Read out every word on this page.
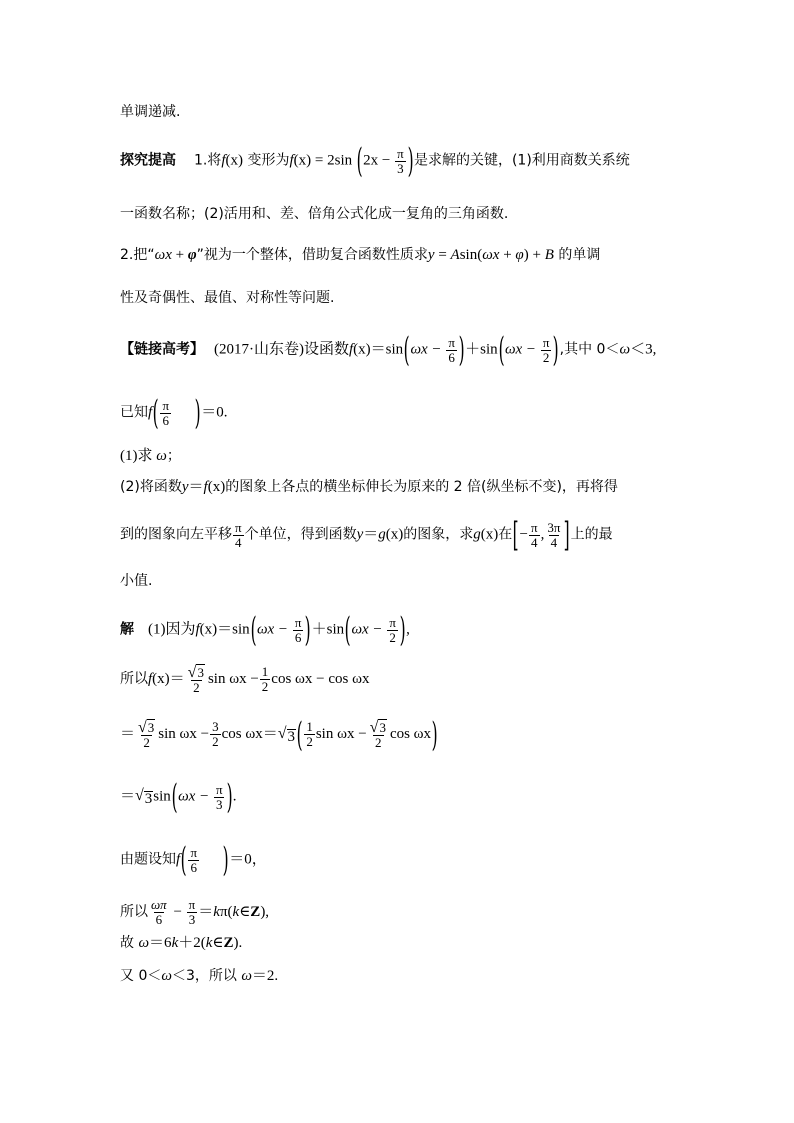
单调递减.
探究提高 1.将f(x) 变形为f(x) = 2sin ($2x - \frac{\pi}{3}$ )是求解的关键，(1)利用商数关系统
一函数名称；(2)活用和、差、倍角公式化成一复角的三角函数.
2.把“ωx + φ”视为一个整体，借助复合函数性质求y = Asin(ωx + φ) + B 的单调
性及奇偶性、最值、对称性等问题.
【链接高考】 (2017·山东卷)设函数$f(x)=\sin(\omega x - \frac{\pi}{6} )+\sin(\omega x - \frac{\pi}{2}$ ),其中 0＜ω＜3,
已知$f( \frac{\pi}{6} )=0$.
(1)求 ω；
(2)将函数y＝f(x)的图象上各点的横坐标伸长为原来的 2 倍(纵坐标不变)，再将得
到的图象向左平移 $\frac{\pi}{4}$ 个单位，得到函数y＝g(x)的图象，求g(x)在[− $\frac{\pi}{4}$ , $\frac{3\pi}{4}$ ]上的最
小值.
解 (1)因为$f(x)=\sin(\omega x - \frac{\pi}{6} )+\sin(\omega x - \frac{\pi}{2}$ ),
所以$f(x)= \frac{√ 3}{2}$ $\sin \omega x - \frac{1}{2}$ cos ωx − cos ωx
＝ $\frac{√ 3}{2}$ $\sin \omega x - \frac{3}{2}$ cos ωx＝ √ 3 ( $\frac{1}{2}$ $\sin \omega x - \frac{√ 3}{2}$ cos ωx)
＝ √ 3 $\sin(\omega x - \frac{\pi}{3}$ ).
由题设知$f( \frac{\pi}{6} )=0$，
所以 $\frac{\omega\pi}{6} - \frac{\pi}{3}$ ＝kπ(k∈Z),
故 ω＝6k＋2(k∈Z).
又 0＜ω＜3，所以 ω＝2.
